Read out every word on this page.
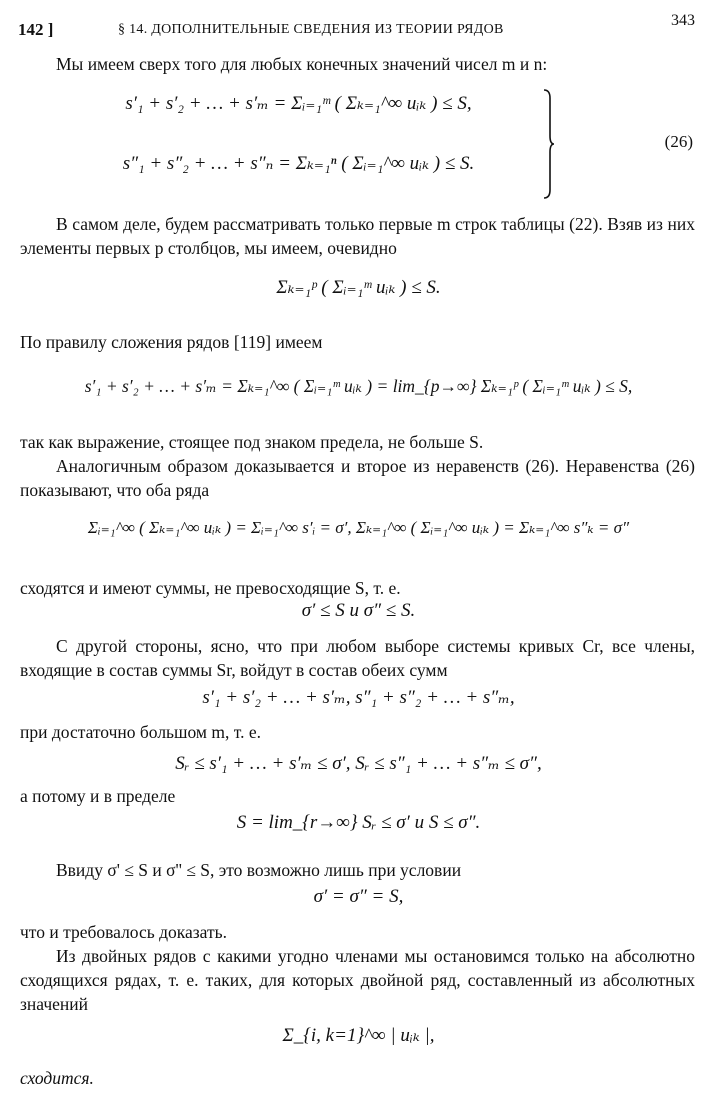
142 ]	§ 14. ДОПОЛНИТЕЛЬНЫЕ СВЕДЕНИЯ ИЗ ТЕОРИИ РЯДОВ
343
Мы имеем сверх того для любых конечных значений чисел m и n:
s′₁ + s′₂ + … + s′ₘ = Σᵢ₌₁ᵐ ( Σₖ₌₁^∞ uᵢₖ ) ≤ S,
s″₁ + s″₂ + … + s″ₙ = Σₖ₌₁ⁿ ( Σᵢ₌₁^∞ uᵢₖ ) ≤ S.
(26)
В самом деле, будем рассматривать только первые m строк таблицы (22). Взяв из них элементы первых p столбцов, мы имеем, очевидно
Σₖ₌₁ᵖ ( Σᵢ₌₁ᵐ uᵢₖ ) ≤ S.
По правилу сложения рядов [119] имеем
s′₁ + s′₂ + … + s′ₘ = Σₖ₌₁^∞ ( Σᵢ₌₁ᵐ uᵢₖ ) = lim_{p→∞} Σₖ₌₁ᵖ ( Σᵢ₌₁ᵐ uᵢₖ ) ≤ S,
так как выражение, стоящее под знаком предела, не больше S.
Аналогичным образом доказывается и второе из неравенств (26). Неравенства (26) показывают, что оба ряда
Σᵢ₌₁^∞ ( Σₖ₌₁^∞ uᵢₖ ) = Σᵢ₌₁^∞ s′ᵢ = σ′, Σₖ₌₁^∞ ( Σᵢ₌₁^∞ uᵢₖ ) = Σₖ₌₁^∞ s″ₖ = σ″
сходятся и имеют суммы, не превосходящие S, т. е.
σ′ ≤ S и σ″ ≤ S.
С другой стороны, ясно, что при любом выборе системы кривых Cr, все члены, входящие в состав суммы Sr, войдут в состав обеих сумм
s′₁ + s′₂ + … + s′ₘ, s″₁ + s″₂ + … + s″ₘ,
при достаточно большом m, т. е.
Sᵣ ≤ s′₁ + … + s′ₘ ≤ σ′, Sᵣ ≤ s″₁ + … + s″ₘ ≤ σ″,
а потому и в пределе
S = lim_{r→∞} Sᵣ ≤ σ′ и S ≤ σ″.
Ввиду σ' ≤ S и σ'' ≤ S, это возможно лишь при условии
σ′ = σ″ = S,
что и требовалось доказать.
Из двойных рядов с какими угодно членами мы остановимся только на абсолютно сходящихся рядах, т. е. таких, для которых двойной ряд, составленный из абсолютных значений
Σ_{i, k=1}^∞ | uᵢₖ |,
сходится.
